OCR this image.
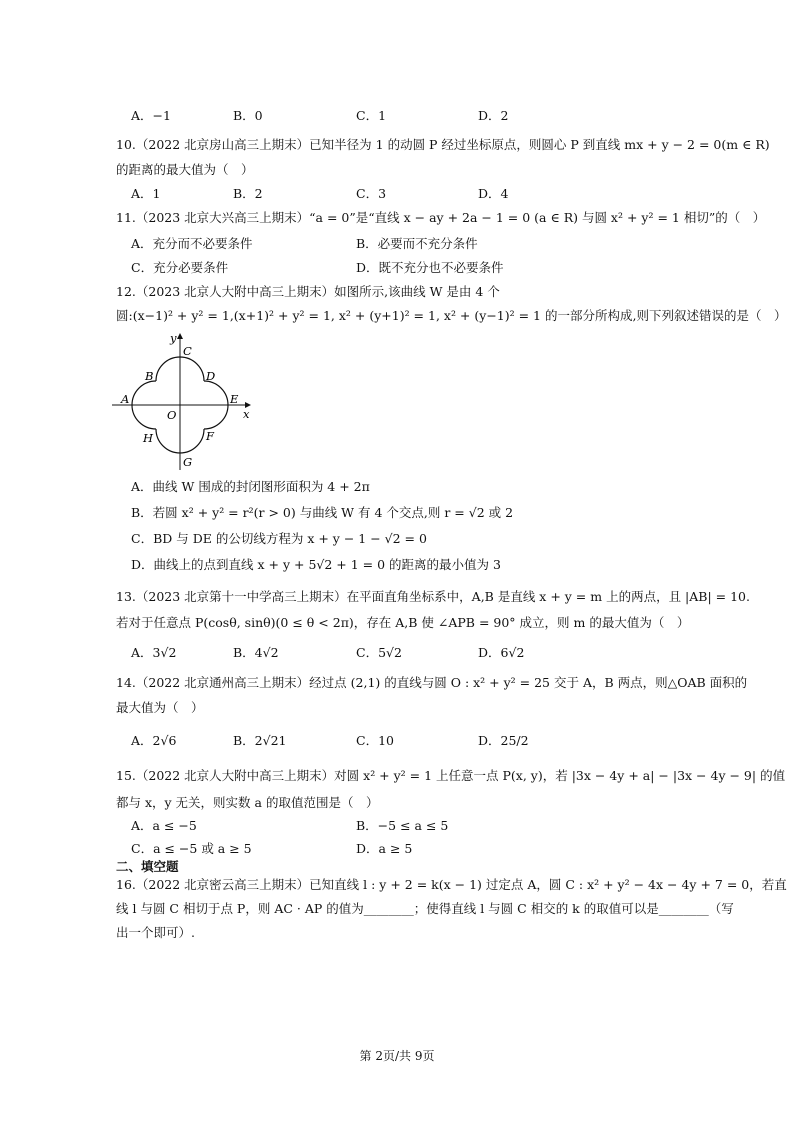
A．−1	B．0	C．1	D．2
10.（2022 北京房山高三上期末）已知半径为 1 的动圆 P 经过坐标原点，则圆心 P 到直线 mx + y − 2 = 0(m ∈ R)
的距离的最大值为（　）
A．1	B．2	C．3	D．4
11.（2023 北京大兴高三上期末）“a = 0”是“直线 x − ay + 2a − 1 = 0 (a ∈ R) 与圆 x² + y² = 1 相切”的（　）
A．充分而不必要条件	B．必要而不充分条件
C．充分必要条件	D．既不充分也不必要条件
12.（2023 北京人大附中高三上期末）如图所示,该曲线 W 是由 4 个
圆:(x−1)² + y² = 1,(x+1)² + y² = 1, x² + (y+1)² = 1, x² + (y−1)² = 1 的一部分所构成,则下列叙述错误的是（　）
y
x
O
A
B
C
D
E
F
G
H
A．曲线 W 围成的封闭图形面积为 4 + 2π
B．若圆 x² + y² = r²(r > 0) 与曲线 W 有 4 个交点,则 r = √2 或 2
C．BD 与 DE 的公切线方程为 x + y − 1 − √2 = 0
D．曲线上的点到直线 x + y + 5√2 + 1 = 0 的距离的最小值为 3
13.（2023 北京第十一中学高三上期末）在平面直角坐标系中，A,B 是直线 x + y = m 上的两点，且 |AB| = 10.
若对于任意点 P(cosθ, sinθ)(0 ≤ θ < 2π)，存在 A,B 使 ∠APB = 90° 成立，则 m 的最大值为（　）
A．3√2	B．4√2	C．5√2	D．6√2
14.（2022 北京通州高三上期末）经过点 (2,1) 的直线与圆 O : x² + y² = 25 交于 A，B 两点，则△OAB 面积的
最大值为（　）
A．2√6	B．2√21	C．10	D．25/2
15.（2022 北京人大附中高三上期末）对圆 x² + y² = 1 上任意一点 P(x, y)，若 |3x − 4y + a| − |3x − 4y − 9| 的值
都与 x，y 无关，则实数 a 的取值范围是（　）
A．a ≤ −5	B．−5 ≤ a ≤ 5
C．a ≤ −5 或 a ≥ 5	D．a ≥ 5
二、填空题
16.（2022 北京密云高三上期末）已知直线 l : y + 2 = k(x − 1) 过定点 A，圆 C : x² + y² − 4x − 4y + 7 = 0，若直
线 l 与圆 C 相切于点 P，则 AC · AP 的值为________；使得直线 l 与圆 C 相交的 k 的取值可以是________（写
出一个即可）.
第 2页/共 9页
